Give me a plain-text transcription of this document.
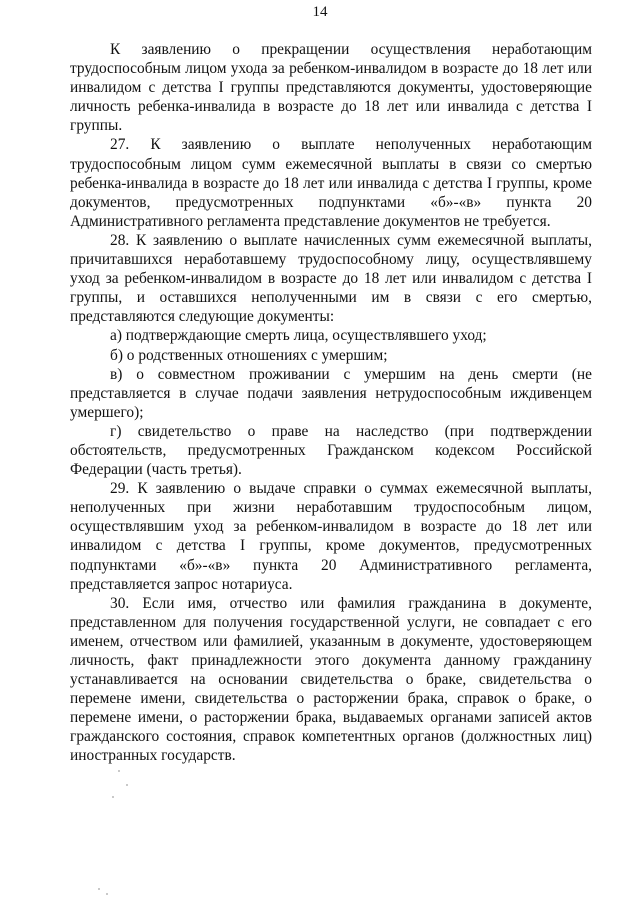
14

К заявлению о прекращении осуществления неработающим трудоспособным лицом ухода за ребенком-инвалидом в возрасте до 18 лет или инвалидом с детства I группы представляются документы, удостоверяющие личность ребенка-инвалида в возрасте до 18 лет или инвалида с детства I группы.

27. К заявлению о выплате неполученных неработающим трудоспособным лицом сумм ежемесячной выплаты в связи со смертью ребенка-инвалида в возрасте до 18 лет или инвалида с детства I группы, кроме документов, предусмотренных подпунктами «б»-«в» пункта 20 Административного регламента представление документов не требуется.

28. К заявлению о выплате начисленных сумм ежемесячной выплаты, причитавшихся неработавшему трудоспособному лицу, осуществлявшему уход за ребенком-инвалидом в возрасте до 18 лет или инвалидом с детства I группы, и оставшихся неполученными им в связи с его смертью, представляются следующие документы:

а) подтверждающие смерть лица, осуществлявшего уход;

б) о родственных отношениях с умершим;

в) о совместном проживании с умершим на день смерти (не представляется в случае подачи заявления нетрудоспособным иждивенцем умершего);

г) свидетельство о праве на наследство (при подтверждении обстоятельств, предусмотренных Гражданском кодексом Российской Федерации (часть третья).

29. К заявлению о выдаче справки о суммах ежемесячной выплаты, неполученных при жизни неработавшим трудоспособным лицом, осуществлявшим уход за ребенком-инвалидом в возрасте до 18 лет или инвалидом с детства I группы, кроме документов, предусмотренных подпунктами «б»-«в» пункта 20 Административного регламента, представляется запрос нотариуса.

30. Если имя, отчество или фамилия гражданина в документе, представленном для получения государственной услуги, не совпадает с его именем, отчеством или фамилией, указанным в документе, удостоверяющем личность, факт принадлежности этого документа данному гражданину устанавливается на основании свидетельства о браке, свидетельства о перемене имени, свидетельства о расторжении брака, справок о браке, о перемене имени, о расторжении брака, выдаваемых органами записей актов гражданского состояния, справок компетентных органов (должностных лиц) иностранных государств.
